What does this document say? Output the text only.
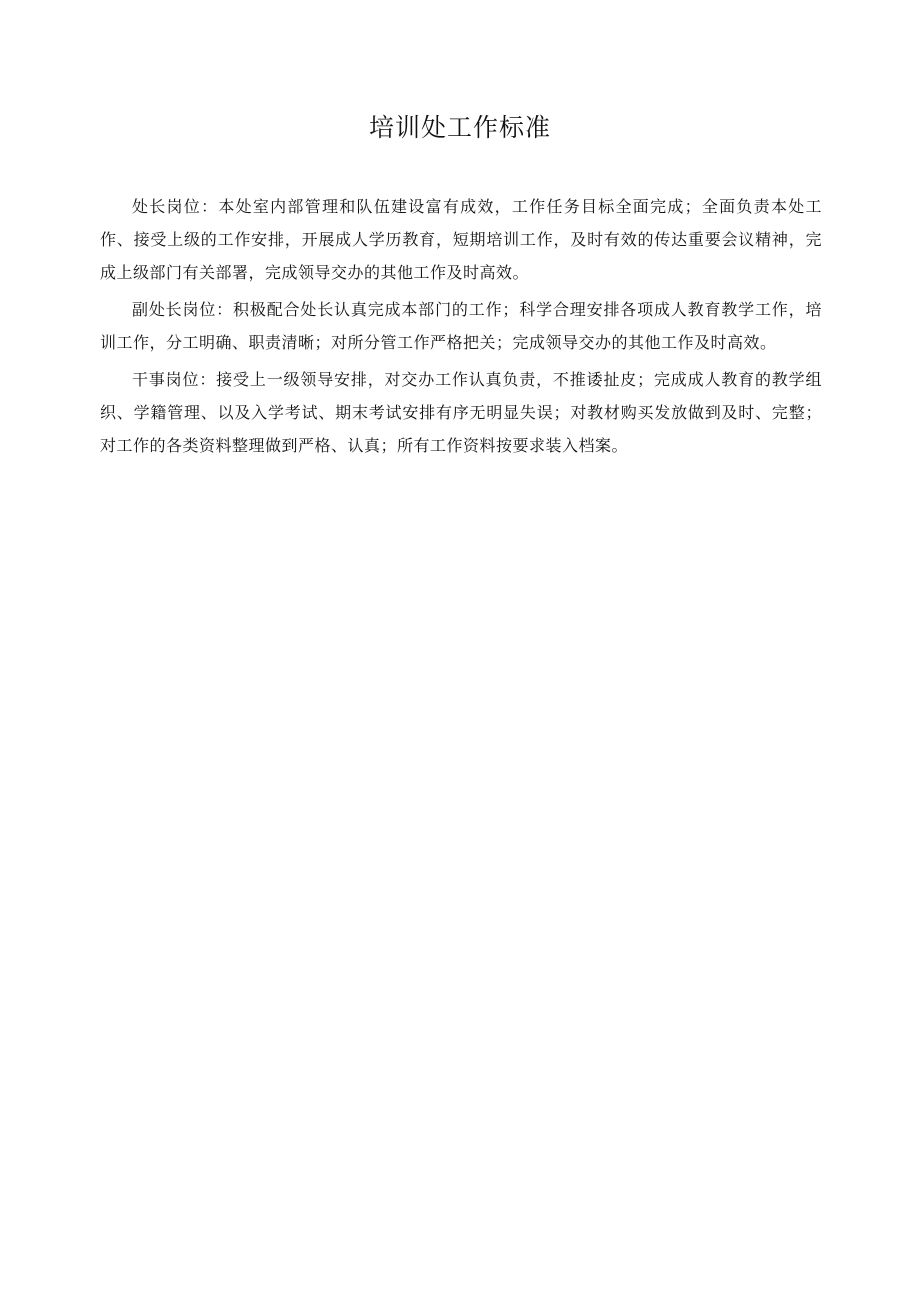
培训处工作标准

处长岗位：本处室内部管理和队伍建设富有成效，工作任务目标全面完成；全面负责本处工作、接受上级的工作安排，开展成人学历教育，短期培训工作，及时有效的传达重要会议精神，完成上级部门有关部署，完成领导交办的其他工作及时高效。

副处长岗位：积极配合处长认真完成本部门的工作；科学合理安排各项成人教育教学工作，培训工作，分工明确、职责清晰；对所分管工作严格把关；完成领导交办的其他工作及时高效。

干事岗位：接受上一级领导安排，对交办工作认真负责，不推诿扯皮；完成成人教育的教学组织、学籍管理、以及入学考试、期末考试安排有序无明显失误；对教材购买发放做到及时、完整；对工作的各类资料整理做到严格、认真；所有工作资料按要求装入档案。
